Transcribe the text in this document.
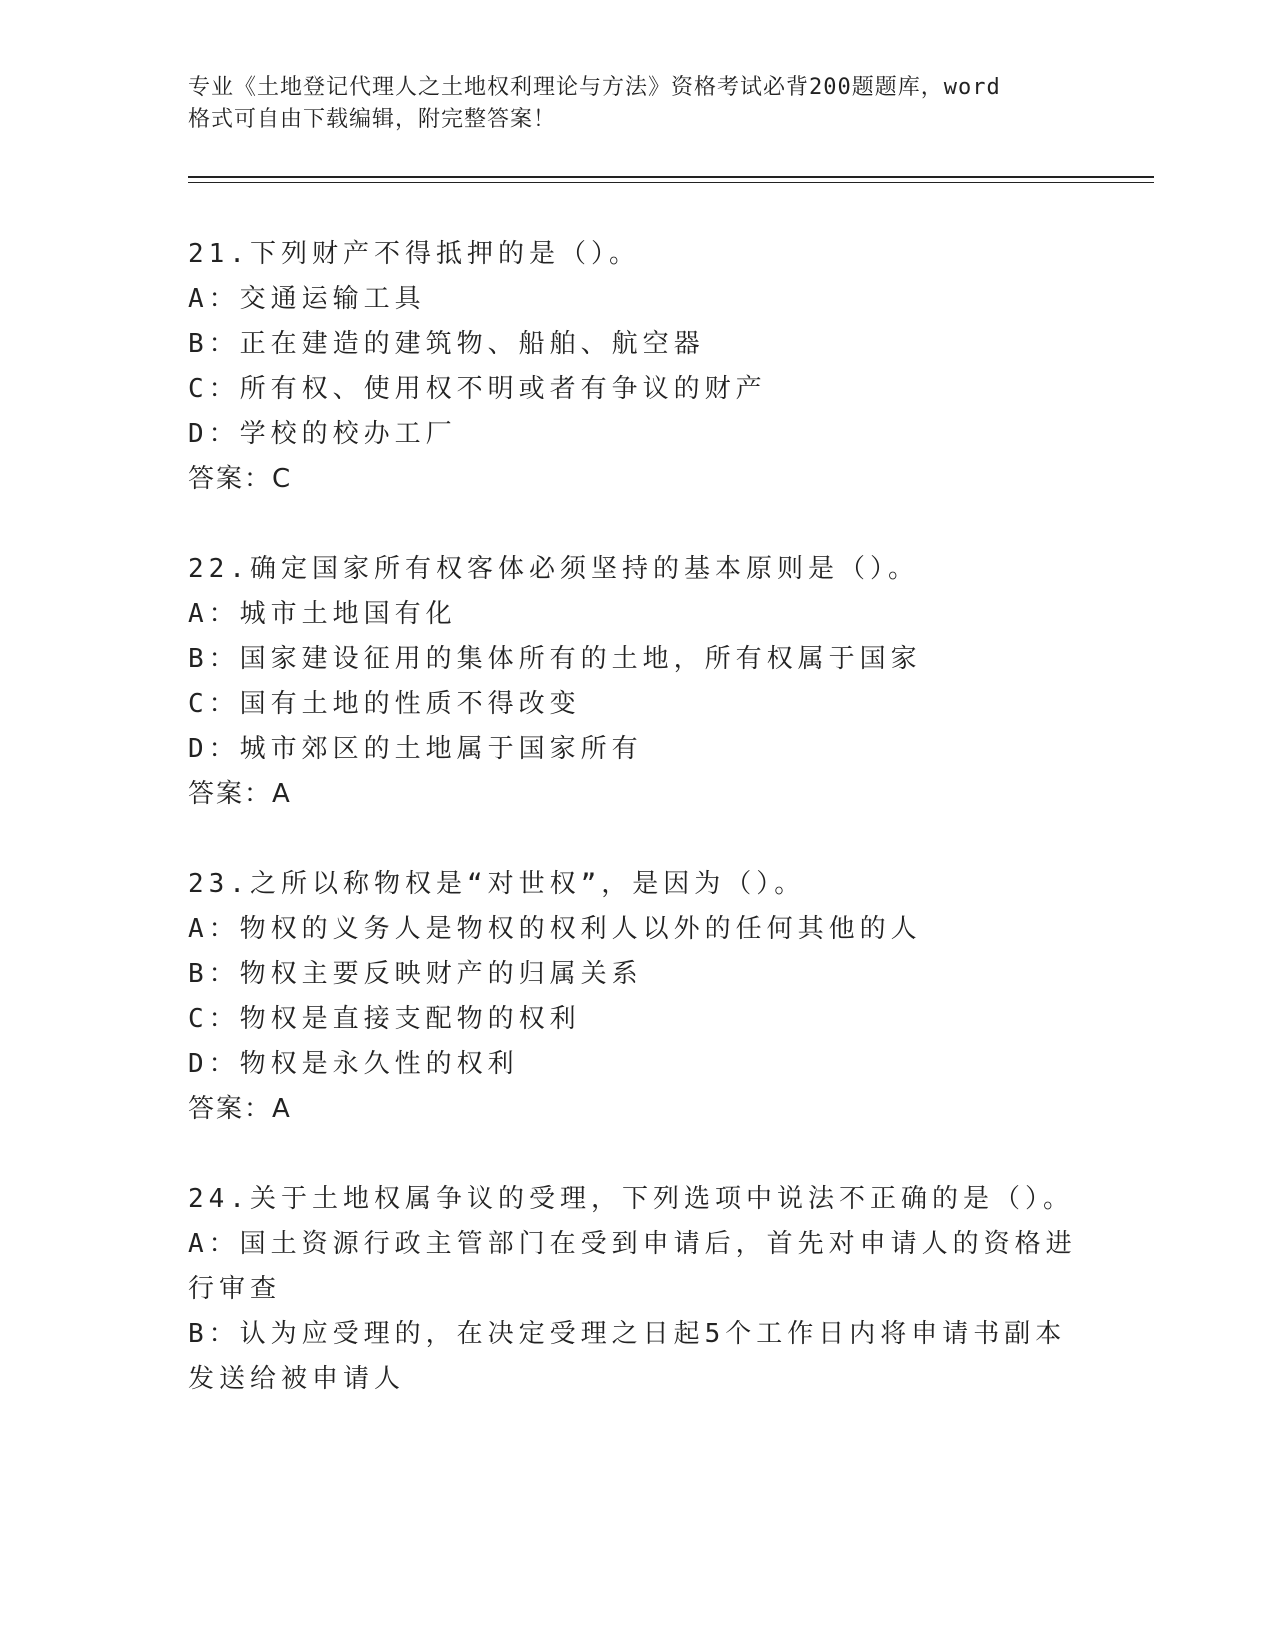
专业《土地登记代理人之土地权利理论与方法》资格考试必背200题题库，word
格式可自由下载编辑，附完整答案！
21.下列财产不得抵押的是（）。
A：交通运输工具
B：正在建造的建筑物、船舶、航空器
C：所有权、使用权不明或者有争议的财产
D：学校的校办工厂
答案：C
22.确定国家所有权客体必须坚持的基本原则是（）。
A：城市土地国有化
B：国家建设征用的集体所有的土地，所有权属于国家
C：国有土地的性质不得改变
D：城市郊区的土地属于国家所有
答案：A
23.之所以称物权是“对世权”，是因为（）。
A：物权的义务人是物权的权利人以外的任何其他的人
B：物权主要反映财产的归属关系
C：物权是直接支配物的权利
D：物权是永久性的权利
答案：A
24.关于土地权属争议的受理，下列选项中说法不正确的是（）。
A：国土资源行政主管部门在受到申请后，首先对申请人的资格进行审查
B：认为应受理的，在决定受理之日起5个工作日内将申请书副本发送给被申请人
